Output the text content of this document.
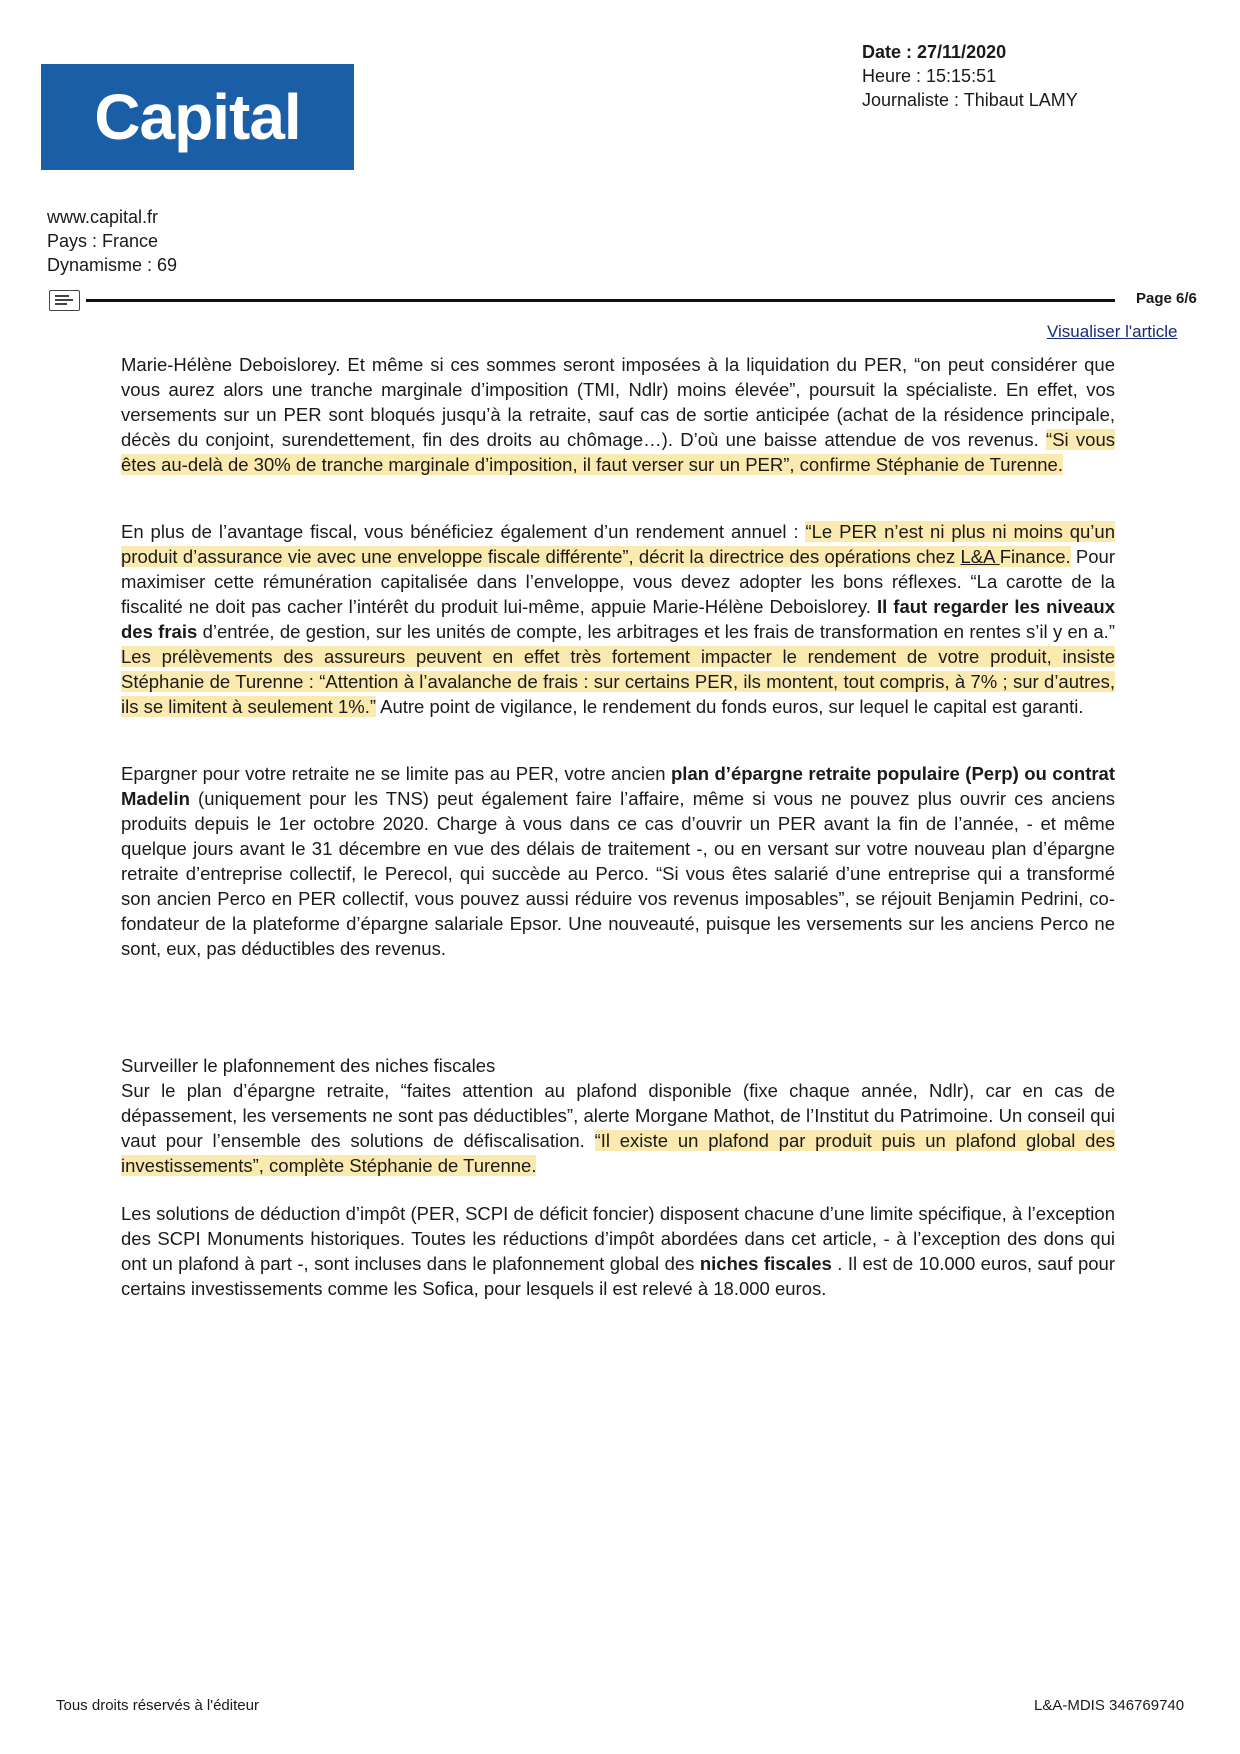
Capital
Date : 27/11/2020
Heure : 15:15:51
Journaliste : Thibaut LAMY
www.capital.fr
Pays : France
Dynamisme : 69
Page 6/6
Visualiser l'article

Marie-Hélène Deboislorey. Et même si ces sommes seront imposées à la liquidation du PER, “on peut considérer que vous aurez alors une tranche marginale d’imposition (TMI, Ndlr) moins élevée”, poursuit la spécialiste. En effet, vos versements sur un PER sont bloqués jusqu’à la retraite, sauf cas de sortie anticipée (achat de la résidence principale, décès du conjoint, surendettement, fin des droits au chômage…). D’où une baisse attendue de vos revenus. “Si vous êtes au-delà de 30% de tranche marginale d’imposition, il faut verser sur un PER”, confirme Stéphanie de Turenne.

En plus de l’avantage fiscal, vous bénéficiez également d’un rendement annuel : “Le PER n’est ni plus ni moins qu’un produit d’assurance vie avec une enveloppe fiscale différente”, décrit la directrice des opérations chez L&A Finance. Pour maximiser cette rémunération capitalisée dans l’enveloppe, vous devez adopter les bons réflexes. “La carotte de la fiscalité ne doit pas cacher l’intérêt du produit lui-même, appuie Marie-Hélène Deboislorey. Il faut regarder les niveaux des frais d’entrée, de gestion, sur les unités de compte, les arbitrages et les frais de transformation en rentes s’il y en a.” Les prélèvements des assureurs peuvent en effet très fortement impacter le rendement de votre produit, insiste Stéphanie de Turenne : “Attention à l’avalanche de frais : sur certains PER, ils montent, tout compris, à 7% ; sur d’autres, ils se limitent à seulement 1%.” Autre point de vigilance, le rendement du fonds euros, sur lequel le capital est garanti.

Epargner pour votre retraite ne se limite pas au PER, votre ancien plan d’épargne retraite populaire (Perp) ou contrat Madelin (uniquement pour les TNS) peut également faire l’affaire, même si vous ne pouvez plus ouvrir ces anciens produits depuis le 1er octobre 2020. Charge à vous dans ce cas d’ouvrir un PER avant la fin de l’année, - et même quelque jours avant le 31 décembre en vue des délais de traitement -, ou en versant sur votre nouveau plan d’épargne retraite d’entreprise collectif, le Perecol, qui succède au Perco. “Si vous êtes salarié d’une entreprise qui a transformé son ancien Perco en PER collectif, vous pouvez aussi réduire vos revenus imposables”, se réjouit Benjamin Pedrini, co-fondateur de la plateforme d’épargne salariale Epsor. Une nouveauté, puisque les versements sur les anciens Perco ne sont, eux, pas déductibles des revenus.

Surveiller le plafonnement des niches fiscales

Sur le plan d’épargne retraite, “faites attention au plafond disponible (fixe chaque année, Ndlr), car en cas de dépassement, les versements ne sont pas déductibles”, alerte Morgane Mathot, de l’Institut du Patrimoine. Un conseil qui vaut pour l’ensemble des solutions de défiscalisation. “Il existe un plafond par produit puis un plafond global des investissements”, complète Stéphanie de Turenne.

Les solutions de déduction d’impôt (PER, SCPI de déficit foncier) disposent chacune d’une limite spécifique, à l’exception des SCPI Monuments historiques. Toutes les réductions d’impôt abordées dans cet article, - à l’exception des dons qui ont un plafond à part -, sont incluses dans le plafonnement global des niches fiscales . Il est de 10.000 euros, sauf pour certains investissements comme les Sofica, pour lesquels il est relevé à 18.000 euros.

Tous droits réservés à l'éditeur	L&A-MDIS 346769740
